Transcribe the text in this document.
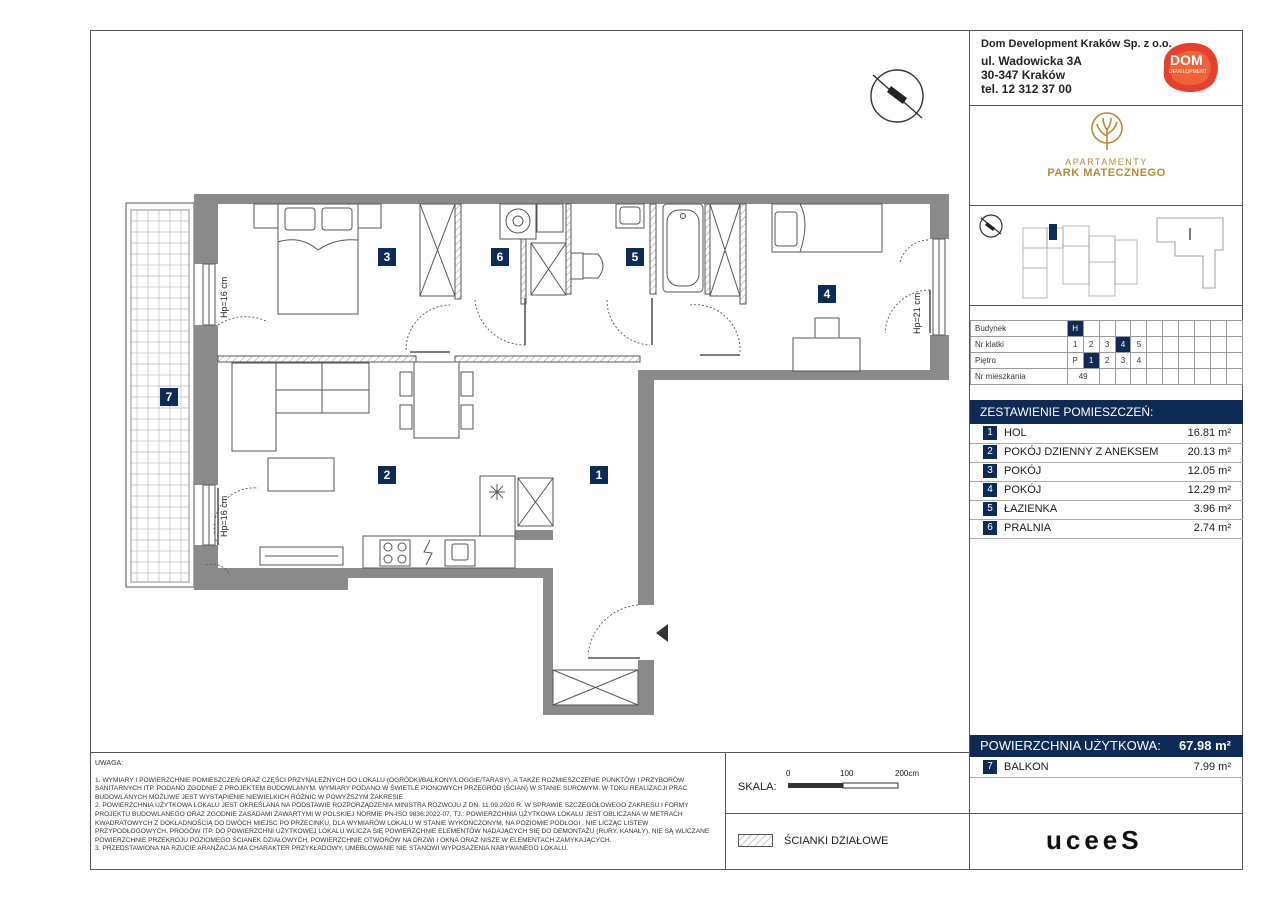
1
2
3
4
5
6
7
Hp=16 cm
Hp=16 cm
Hp=21 cm
UWAGA:
1. WYMIARY I POWIERZCHNIE POMIESZCZEŃ ORAZ CZĘŚCI PRZYNALEŻNYCH DO LOKALU (OGRÓDKI/BALKONY/LOGGIE/TARASY), A TAKŻE ROZMIESZCZENIE PUNKTÓW I PRZYBORÓW SANITARNYCH ITP. PODANO ZGODNIE Z PROJEKTEM BUDOWLANYM. WYMIARY PODANO W ŚWIETLE PIONOWYCH PRZEGRÓD (ŚCIAN) W STANIE SUROWYM. W TOKU REALIZACJI PRAC BUDOWLANYCH MOŻLIWE JEST WYSTĄPIENIE NIEWIELKICH RÓŻNIC W POWYŻSZYM ZAKRESIE.
2. POWIERZCHNIA UŻYTKOWA LOKALU JEST OKREŚLANA NA PODSTAWIE ROZPORZĄDZENIA MINISTRA ROZWOJU Z DN. 11.09.2020 R. W SPRAWIE SZCZEGÓŁOWEGO ZAKRESU I FORMY PROJEKTU BUDOWLANEGO ORAZ ZGODNIE ZASADAMI ZAWARTYMI W POLSKIEJ NORMIE PN-ISO 9836:2022-07, TJ.: POWIERZCHNIA UŻYTKOWA LOKALU JEST OBLICZANA W METRACH KWADRATOWYCH Z DOKŁADNOŚCIĄ DO DWÓCH MIEJSC PO PRZECINKU, DLA WYMIARÓW LOKALU W STANIE WYKOŃCZONYM, NA POZIOMIE PODŁOGI , NIE LICZĄC LISTEW PRZYPODŁOGOWYCH, PROGÓW ITP. DO POWIERZCHNI UŻYTKOWEJ LOKALU WLICZA SIĘ POWIERZCHNIE ELEMENTÓW NADAJĄCYCH SIĘ DO DEMONTAŻU (RURY, KANAŁY), NIE SĄ WLICZANE POWIERZCHNIE PRZEKROJU POZIOMEGO ŚCIANEK DZIAŁOWYCH, POWIERZCHNIE OTWORÓW NA DRZWI I OKNA ORAZ NISZE W ELEMENTACH ZAMYKAJĄCYCH.
3. PRZEDSTAWIONA NA RZUCIE ARANŻACJA MA CHARAKTER PRZYKŁADOWY, UMEBLOWANIE NIE STANOWI WYPOSAŻENIA NABYWANEGO LOKALU.
SKALA:
0	100	200cm
ŚCIANKI DZIAŁOWE
Dom Development Kraków Sp. z o.o.
ul. Wadowicka 3A
30-347 Kraków
tel. 12 312 37 00
DOM
DEVELOPMENT
APARTAMENTY
PARK MATECZNEGO
Budynek	H										
Nr klatki	1	2	3	4	5						
Piętro	P	1	2	3	4						
Nr mieszkania	49										
ZESTAWIENIE POMIESZCZEŃ:
1	HOL	16.81 m²
2	POKÓJ DZIENNY Z ANEKSEM	20.13 m²
3	POKÓJ	12.05 m²
4	POKÓJ	12.29 m²
5	ŁAZIENKA	3.96 m²
6	PRALNIA	2.74 m²
POWIERZCHNIA UŻYTKOWA: 67.98 m²
7	BALKON	7.99 m²
uceeS
